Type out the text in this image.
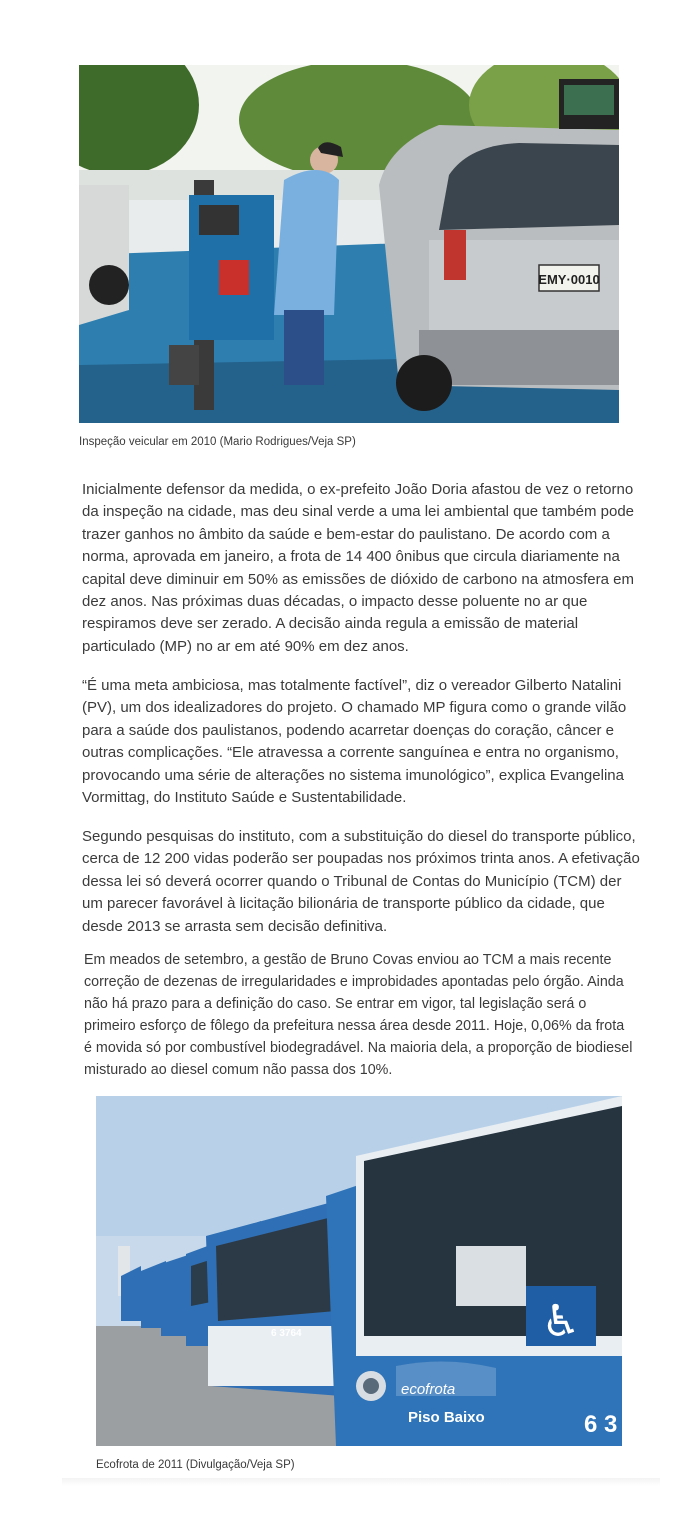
EMY·0010
Inspeção veicular em 2010 (Mario Rodrigues/Veja SP)

Inicialmente defensor da medida, o ex-prefeito João Doria afastou de vez o retorno da inspeção na cidade, mas deu sinal verde a uma lei ambiental que também pode trazer ganhos no âmbito da saúde e bem-estar do paulistano. De acordo com a norma, aprovada em janeiro, a frota de 14 400 ônibus que circula diariamente na capital deve diminuir em 50% as emissões de dióxido de carbono na atmosfera em dez anos. Nas próximas duas décadas, o impacto desse poluente no ar que respiramos deve ser zerado. A decisão ainda regula a emissão de material particulado (MP) no ar em até 90% em dez anos.

“É uma meta ambiciosa, mas totalmente factível”, diz o vereador Gilberto Natalini (PV), um dos idealizadores do projeto. O chamado MP figura como o grande vilão para a saúde dos paulistanos, podendo acarretar doenças do coração, câncer e outras complicações. “Ele atravessa a corrente sanguínea e entra no organismo, provocando uma série de alterações no sistema imunológico”, explica Evangelina Vormittag, do Instituto Saúde e Sustentabilidade.

Segundo pesquisas do instituto, com a substituição do diesel do transporte público, cerca de 12 200 vidas poderão ser poupadas nos próximos trinta anos. A efetivação dessa lei só deverá ocorrer quando o Tribunal de Contas do Município (TCM) der um parecer favorável à licitação bilionária de transporte público da cidade, que desde 2013 se arrasta sem decisão definitiva.

Em meados de setembro, a gestão de Bruno Covas enviou ao TCM a mais recente correção de dezenas de irregularidades e improbidades apontadas pelo órgão. Ainda não há prazo para a definição do caso. Se entrar em vigor, tal legislação será o primeiro esforço de fôlego da prefeitura nessa área desde 2011. Hoje, 0,06% da frota é movida só por combustível biodegradável. Na maioria dela, a proporção de biodiesel misturado ao diesel comum não passa dos 10%.

6 3764	♿
ecofrota
Piso Baixo	6 3
Ecofrota de 2011 (Divulgação/Veja SP)
